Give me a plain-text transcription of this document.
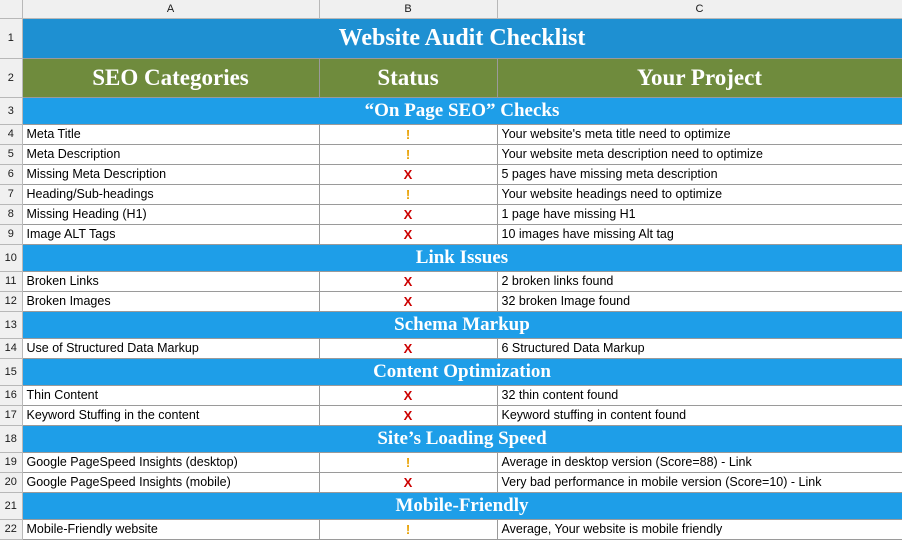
	A	B	C
1	Website Audit Checklist		
2	SEO Categories	Status	Your Project
3	“On Page SEO” Checks		
4	Meta Title	!	Your website's meta title need to optimize
5	Meta Description	!	Your website meta description need to optimize
6	Missing Meta Description	X	5 pages have missing meta description
7	Heading/Sub-headings	!	Your website headings need to optimize
8	Missing Heading (H1)	X	1 page have missing H1
9	Image ALT Tags	X	10 images have missing Alt tag
10	Link Issues		
11	Broken Links	X	2 broken links found
12	Broken Images	X	32 broken Image found
13	Schema Markup		
14	Use of Structured Data Markup	X	6 Structured Data Markup
15	Content Optimization		
16	Thin Content	X	32 thin content found
17	Keyword Stuffing in the content	X	Keyword stuffing in content found
18	Site’s Loading Speed		
19	Google PageSpeed Insights (desktop)	!	Average in desktop version (Score=88) - Link
20	Google PageSpeed Insights (mobile)	X	Very bad performance in mobile version (Score=10) - Link
21	Mobile-Friendly		
22	Mobile-Friendly website	!	Average, Your website is mobile friendly
